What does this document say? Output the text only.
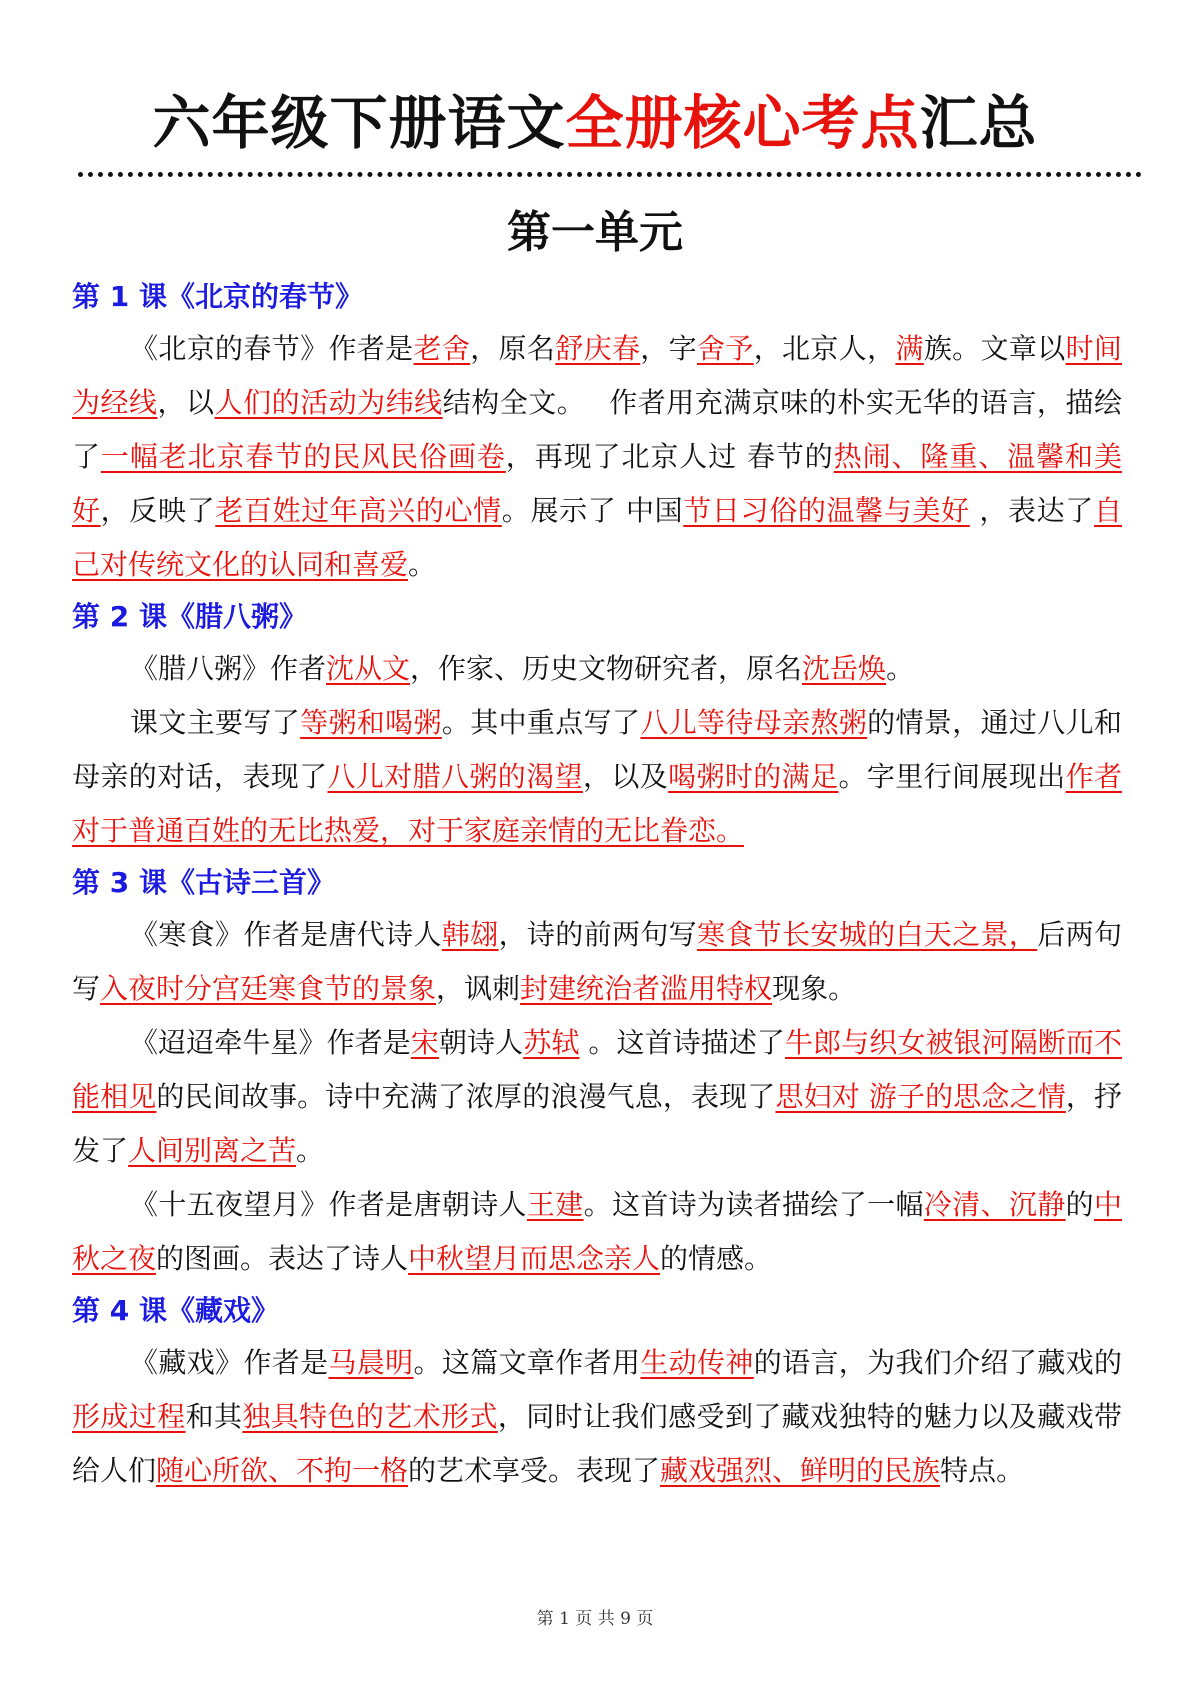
六年级下册语文全册核心考点汇总
第一单元
第 1 课《北京的春节》

《北京的春节》作者是老舍，原名舒庆春，字舍予，北京人，满族。文章以时间为经线，以人们的活动为纬线结构全文。　 作者用充满京味的朴实无华的语言，描绘了一幅老北京春节的民风民俗画卷，再现了北京人过 春节的热闹、隆重、温馨和美好，反映了老百姓过年高兴的心情。展示了 中国节日习俗的温馨与美好 ，表达了自己对传统文化的认同和喜爱。

第 2 课《腊八粥》

《腊八粥》作者沈从文，作家、历史文物研究者，原名沈岳焕。

课文主要写了等粥和喝粥。其中重点写了八儿等待母亲熬粥的情景，通过八儿和母亲的对话，表现了八儿对腊八粥的渴望，以及喝粥时的满足。字里行间展现出作者对于普通百姓的无比热爱，对于家庭亲情的无比眷恋。

第 3 课《古诗三首》

《寒食》作者是唐代诗人韩翃，诗的前两句写寒食节长安城的白天之景，后两句写入夜时分宫廷寒食节的景象，讽刺封建统治者滥用特权现象。

《迢迢牵牛星》作者是宋朝诗人苏轼 。这首诗描述了牛郎与织女被银河隔断而不能相见的民间故事。诗中充满了浓厚的浪漫气息，表现了思妇对 游子的思念之情，抒发了人间别离之苦。

《十五夜望月》作者是唐朝诗人王建。这首诗为读者描绘了一幅冷清、沉静的中秋之夜的图画。表达了诗人中秋望月而思念亲人的情感。

第 4 课《藏戏》

《藏戏》作者是马晨明。这篇文章作者用生动传神的语言，为我们介绍了藏戏的形成过程和其独具特色的艺术形式，同时让我们感受到了藏戏独特的魅力以及藏戏带给人们随心所欲、不拘一格的艺术享受。表现了藏戏强烈、鲜明的民族特点。

第 1 页 共 9 页
